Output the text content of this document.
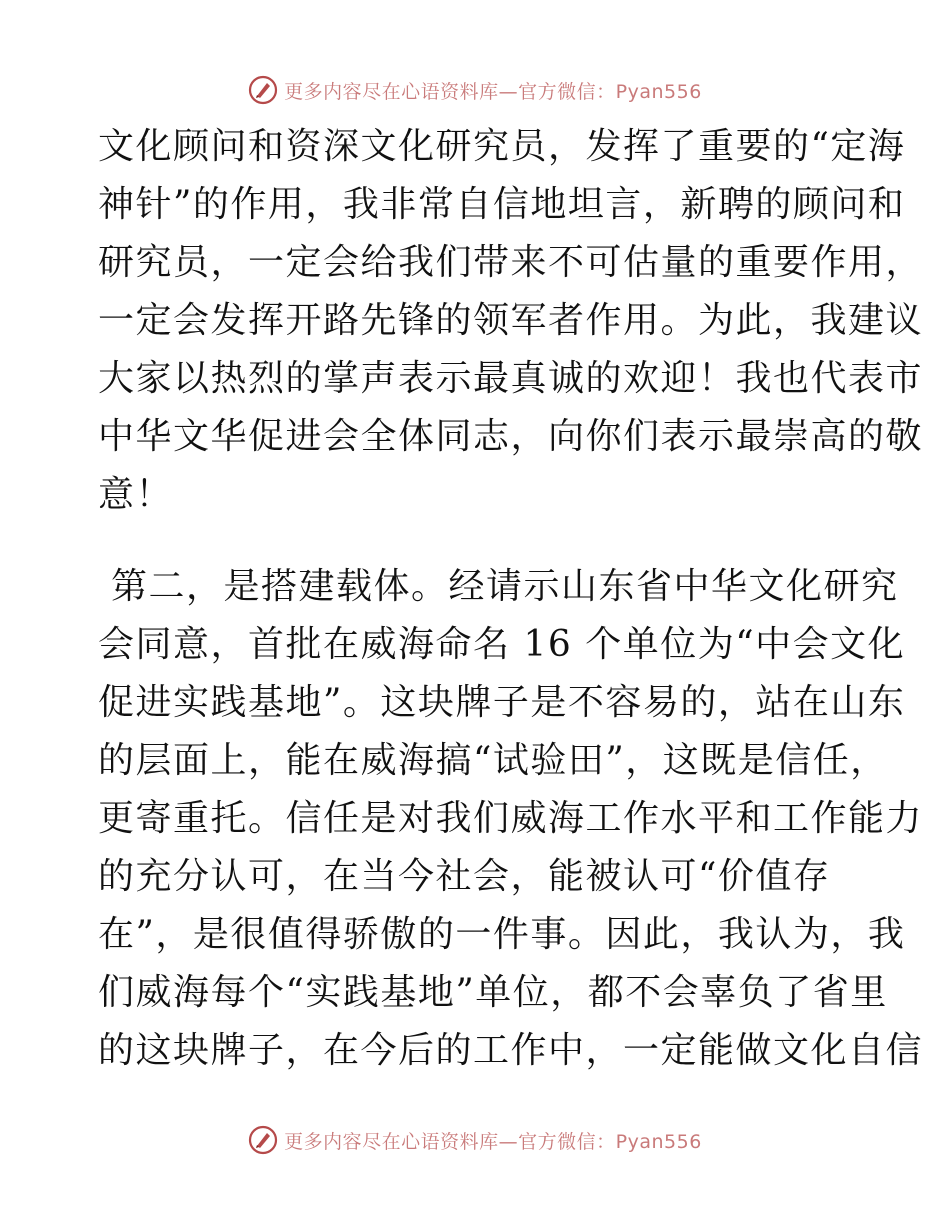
更多内容尽在心语资料库—官方微信：Pyan556
文化顾问和资深文化研究员，发挥了重要的“定海
神针”的作用，我非常自信地坦言，新聘的顾问和
研究员，一定会给我们带来不可估量的重要作用，
一定会发挥开路先锋的领军者作用。为此，我建议
大家以热烈的掌声表示最真诚的欢迎！我也代表市
中华文华促进会全体同志，向你们表示最崇高的敬
意！
第二，是搭建载体。经请示山东省中华文化研究
会同意，首批在威海命名 16 个单位为“中会文化
促进实践基地”。这块牌子是不容易的，站在山东
的层面上，能在威海搞“试验田”，这既是信任，
更寄重托。信任是对我们威海工作水平和工作能力
的充分认可，在当今社会，能被认可“价值存
在”，是很值得骄傲的一件事。因此，我认为，我
们威海每个“实践基地”单位，都不会辜负了省里
的这块牌子，在今后的工作中，一定能做文化自信
更多内容尽在心语资料库—官方微信：Pyan556
